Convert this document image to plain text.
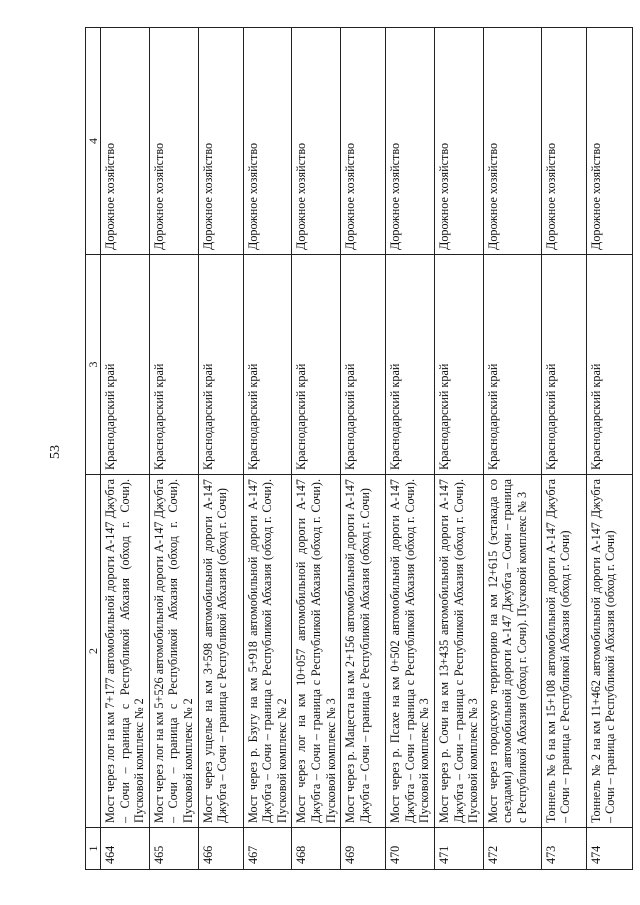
53
1	2	3	4
464	Мост через лог на км 7+177 автомобильной дороги А-147 Джубга – Сочи – граница с Республикой Абхазия (обход г. Сочи). Пусковой комплекс № 2	Краснодарский край	Дорожное хозяйство
465	Мост через лог на км 5+526 автомобильной дороги А-147 Джубга – Сочи – граница с Республикой Абхазия (обход г. Сочи). Пусковой комплекс № 2	Краснодарский край	Дорожное хозяйство
466	Мост через ущелье на км 3+598 автомобильной дороги А-147 Джубга – Сочи – граница с Республикой Абхазия (обход г. Сочи)	Краснодарский край	Дорожное хозяйство
467	Мост через р. Бзугу на км 5+918 автомобильной дороги А-147 Джубга – Сочи – граница с Республикой Абхазия (обход г. Сочи). Пусковой комплекс № 2	Краснодарский край	Дорожное хозяйство
468	Мост через лог на км 10+057 автомобильной дороги А-147 Джубга – Сочи – граница с Республикой Абхазия (обход г. Сочи). Пусковой комплекс № 3	Краснодарский край	Дорожное хозяйство
469	Мост через р. Мацеста на км 2+156 автомобильной дороги А-147 Джубга – Сочи – граница с Республикой Абхазия (обход г. Сочи)	Краснодарский край	Дорожное хозяйство
470	Мост через р. Псахе на км 0+502 автомобильной дороги А-147 Джубга – Сочи – граница с Республикой Абхазия (обход г. Сочи). Пусковой комплекс № 3	Краснодарский край	Дорожное хозяйство
471	Мост через р. Сочи на км 13+435 автомобильной дороги А-147 Джубга – Сочи – граница с Республикой Абхазия (обход г. Сочи). Пусковой комплекс № 3	Краснодарский край	Дорожное хозяйство
472	Мост через городскую территорию на км 12+615 (эстакада со съездами) автомобильной дороги А-147 Джубга – Сочи – граница с Республикой Абхазия (обход г. Сочи). Пусковой комплекс № 3	Краснодарский край	Дорожное хозяйство
473	Тоннель № 6 на км 15+108 автомобильной дороги А-147 Джубга – Сочи – граница с Республикой Абхазия (обход г. Сочи)	Краснодарский край	Дорожное хозяйство
474	Тоннель № 2 на км 11+462 автомобильной дороги А-147 Джубга – Сочи – граница с Республикой Абхазия (обход г. Сочи)	Краснодарский край	Дорожное хозяйство
